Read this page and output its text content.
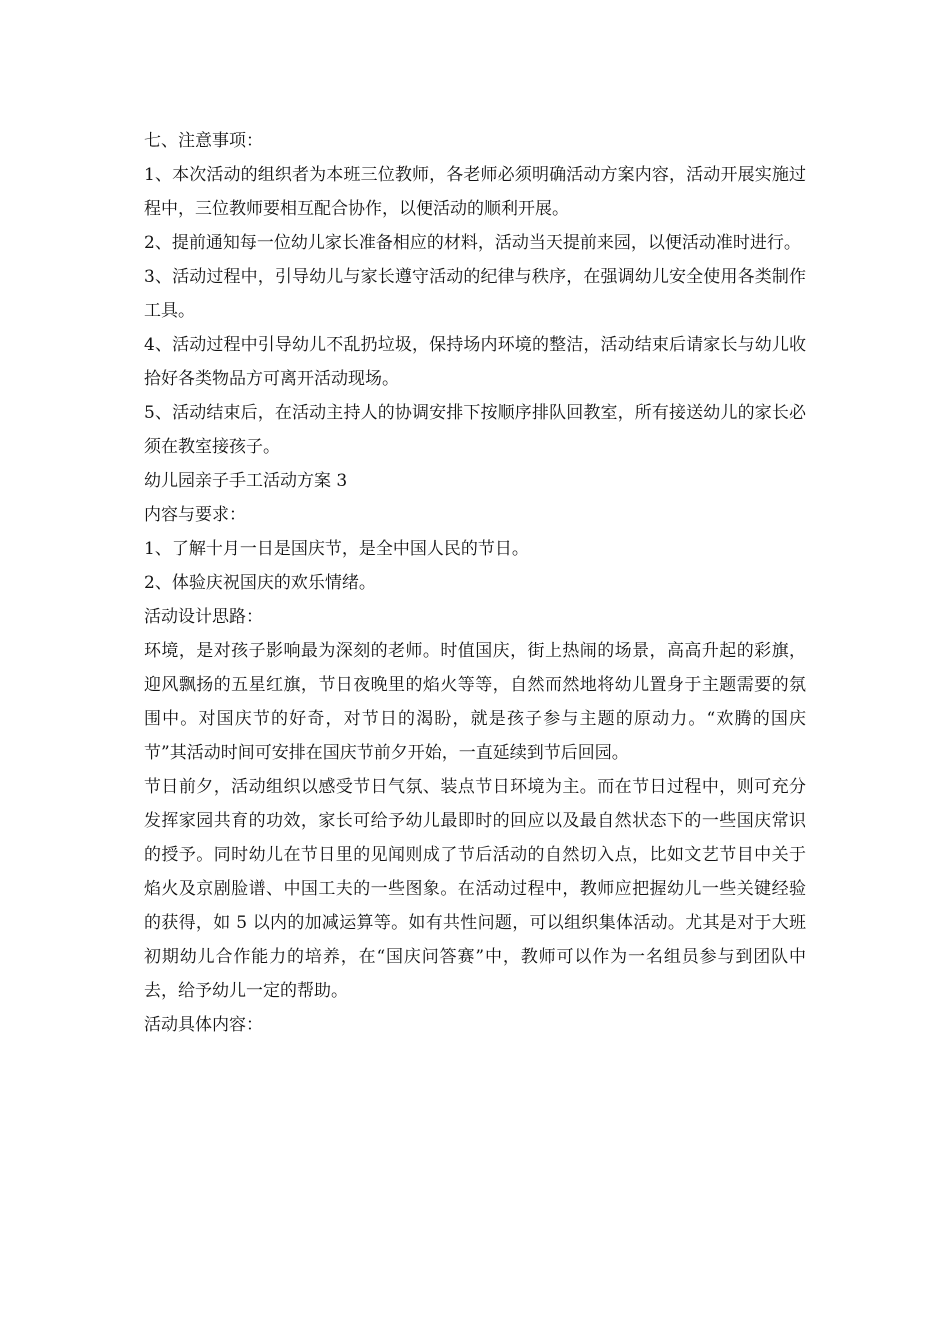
七、注意事项：

1、本次活动的组织者为本班三位教师，各老师必须明确活动方案内容，活动开展实施过程中，三位教师要相互配合协作，以便活动的顺利开展。

2、提前通知每一位幼儿家长准备相应的材料，活动当天提前来园，以便活动准时进行。

3、活动过程中，引导幼儿与家长遵守活动的纪律与秩序，在强调幼儿安全使用各类制作工具。

4、活动过程中引导幼儿不乱扔垃圾，保持场内环境的整洁，活动结束后请家长与幼儿收拾好各类物品方可离开活动现场。

5、活动结束后，在活动主持人的协调安排下按顺序排队回教室，所有接送幼儿的家长必须在教室接孩子。

幼儿园亲子手工活动方案 3

内容与要求：

1、了解十月一日是国庆节，是全中国人民的节日。

2、体验庆祝国庆的欢乐情绪。

活动设计思路：

环境，是对孩子影响最为深刻的老师。时值国庆，街上热闹的场景，高高升起的彩旗，迎风飘扬的五星红旗，节日夜晚里的焰火等等，自然而然地将幼儿置身于主题需要的氛围中。对国庆节的好奇，对节日的渴盼，就是孩子参与主题的原动力。“欢腾的国庆节”其活动时间可安排在国庆节前夕开始，一直延续到节后回园。

节日前夕，活动组织以感受节日气氛、装点节日环境为主。而在节日过程中，则可充分发挥家园共育的功效，家长可给予幼儿最即时的回应以及最自然状态下的一些国庆常识的授予。同时幼儿在节日里的见闻则成了节后活动的自然切入点，比如文艺节目中关于焰火及京剧脸谱、中国工夫的一些图象。在活动过程中，教师应把握幼儿一些关键经验的获得，如 5 以内的加减运算等。如有共性问题，可以组织集体活动。尤其是对于大班初期幼儿合作能力的培养，在“国庆问答赛”中，教师可以作为一名组员参与到团队中去，给予幼儿一定的帮助。

活动具体内容：
